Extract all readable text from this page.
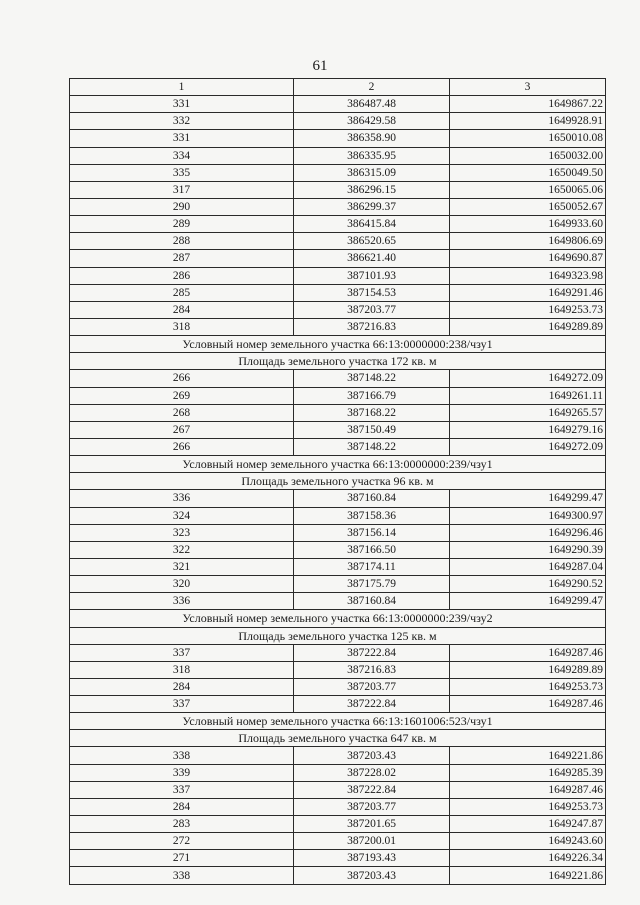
61
1	2	3
331	386487.48	1649867.22
332	386429.58	1649928.91
331	386358.90	1650010.08
334	386335.95	1650032.00
335	386315.09	1650049.50
317	386296.15	1650065.06
290	386299.37	1650052.67
289	386415.84	1649933.60
288	386520.65	1649806.69
287	386621.40	1649690.87
286	387101.93	1649323.98
285	387154.53	1649291.46
284	387203.77	1649253.73
318	387216.83	1649289.89
Условный номер земельного участка 66:13:0000000:238/чзу1		
Площадь земельного участка 172 кв. м		
266	387148.22	1649272.09
269	387166.79	1649261.11
268	387168.22	1649265.57
267	387150.49	1649279.16
266	387148.22	1649272.09
Условный номер земельного участка 66:13:0000000:239/чзу1		
Площадь земельного участка 96 кв. м		
336	387160.84	1649299.47
324	387158.36	1649300.97
323	387156.14	1649296.46
322	387166.50	1649290.39
321	387174.11	1649287.04
320	387175.79	1649290.52
336	387160.84	1649299.47
Условный номер земельного участка 66:13:0000000:239/чзу2		
Площадь земельного участка 125 кв. м		
337	387222.84	1649287.46
318	387216.83	1649289.89
284	387203.77	1649253.73
337	387222.84	1649287.46
Условный номер земельного участка 66:13:1601006:523/чзу1		
Площадь земельного участка 647 кв. м		
338	387203.43	1649221.86
339	387228.02	1649285.39
337	387222.84	1649287.46
284	387203.77	1649253.73
283	387201.65	1649247.87
272	387200.01	1649243.60
271	387193.43	1649226.34
338	387203.43	1649221.86
